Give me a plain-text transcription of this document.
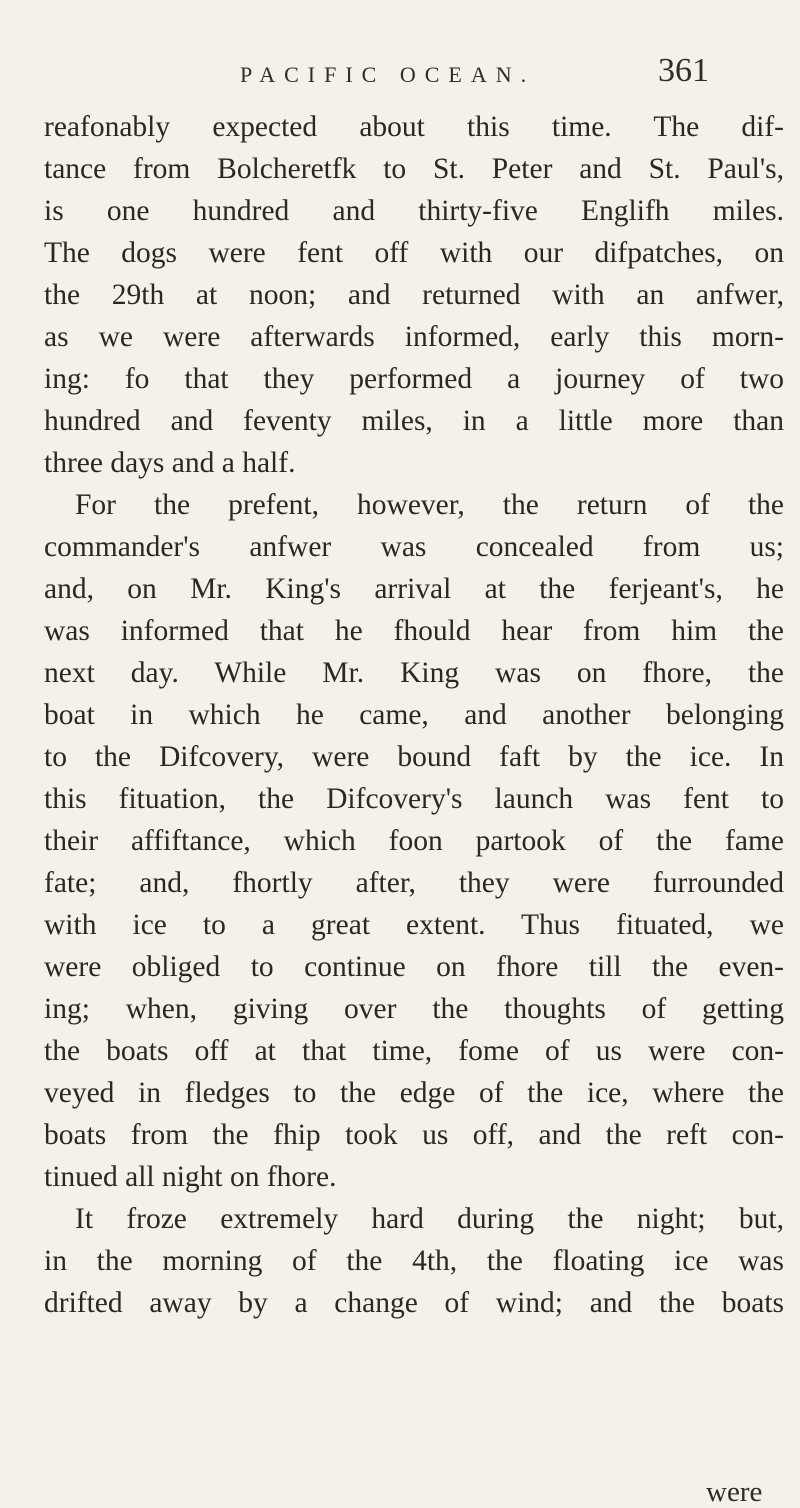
PACIFIC OCEAN.	361
reafonably expected about this time. The dif-
tance from Bolcheretfk to St. Peter and St. Paul's,
is one hundred and thirty-five Englifh miles.
The dogs were fent off with our difpatches, on
the 29th at noon; and returned with an anfwer,
as we were afterwards informed, early this morn-
ing: fo that they performed a journey of two
hundred and feventy miles, in a little more than
three days and a half.
For the prefent, however, the return of the
commander's anfwer was concealed from us;
and, on Mr. King's arrival at the ferjeant's, he
was informed that he fhould hear from him the
next day. While Mr. King was on fhore, the
boat in which he came, and another belonging
to the Difcovery, were bound faft by the ice. In
this fituation, the Difcovery's launch was fent to
their affiftance, which foon partook of the fame
fate; and, fhortly after, they were furrounded
with ice to a great extent. Thus fituated, we
were obliged to continue on fhore till the even-
ing; when, giving over the thoughts of getting
the boats off at that time, fome of us were con-
veyed in fledges to the edge of the ice, where the
boats from the fhip took us off, and the reft con-
tinued all night on fhore.
It froze extremely hard during the night; but,
in the morning of the 4th, the floating ice was
drifted away by a change of wind; and the boats
were
